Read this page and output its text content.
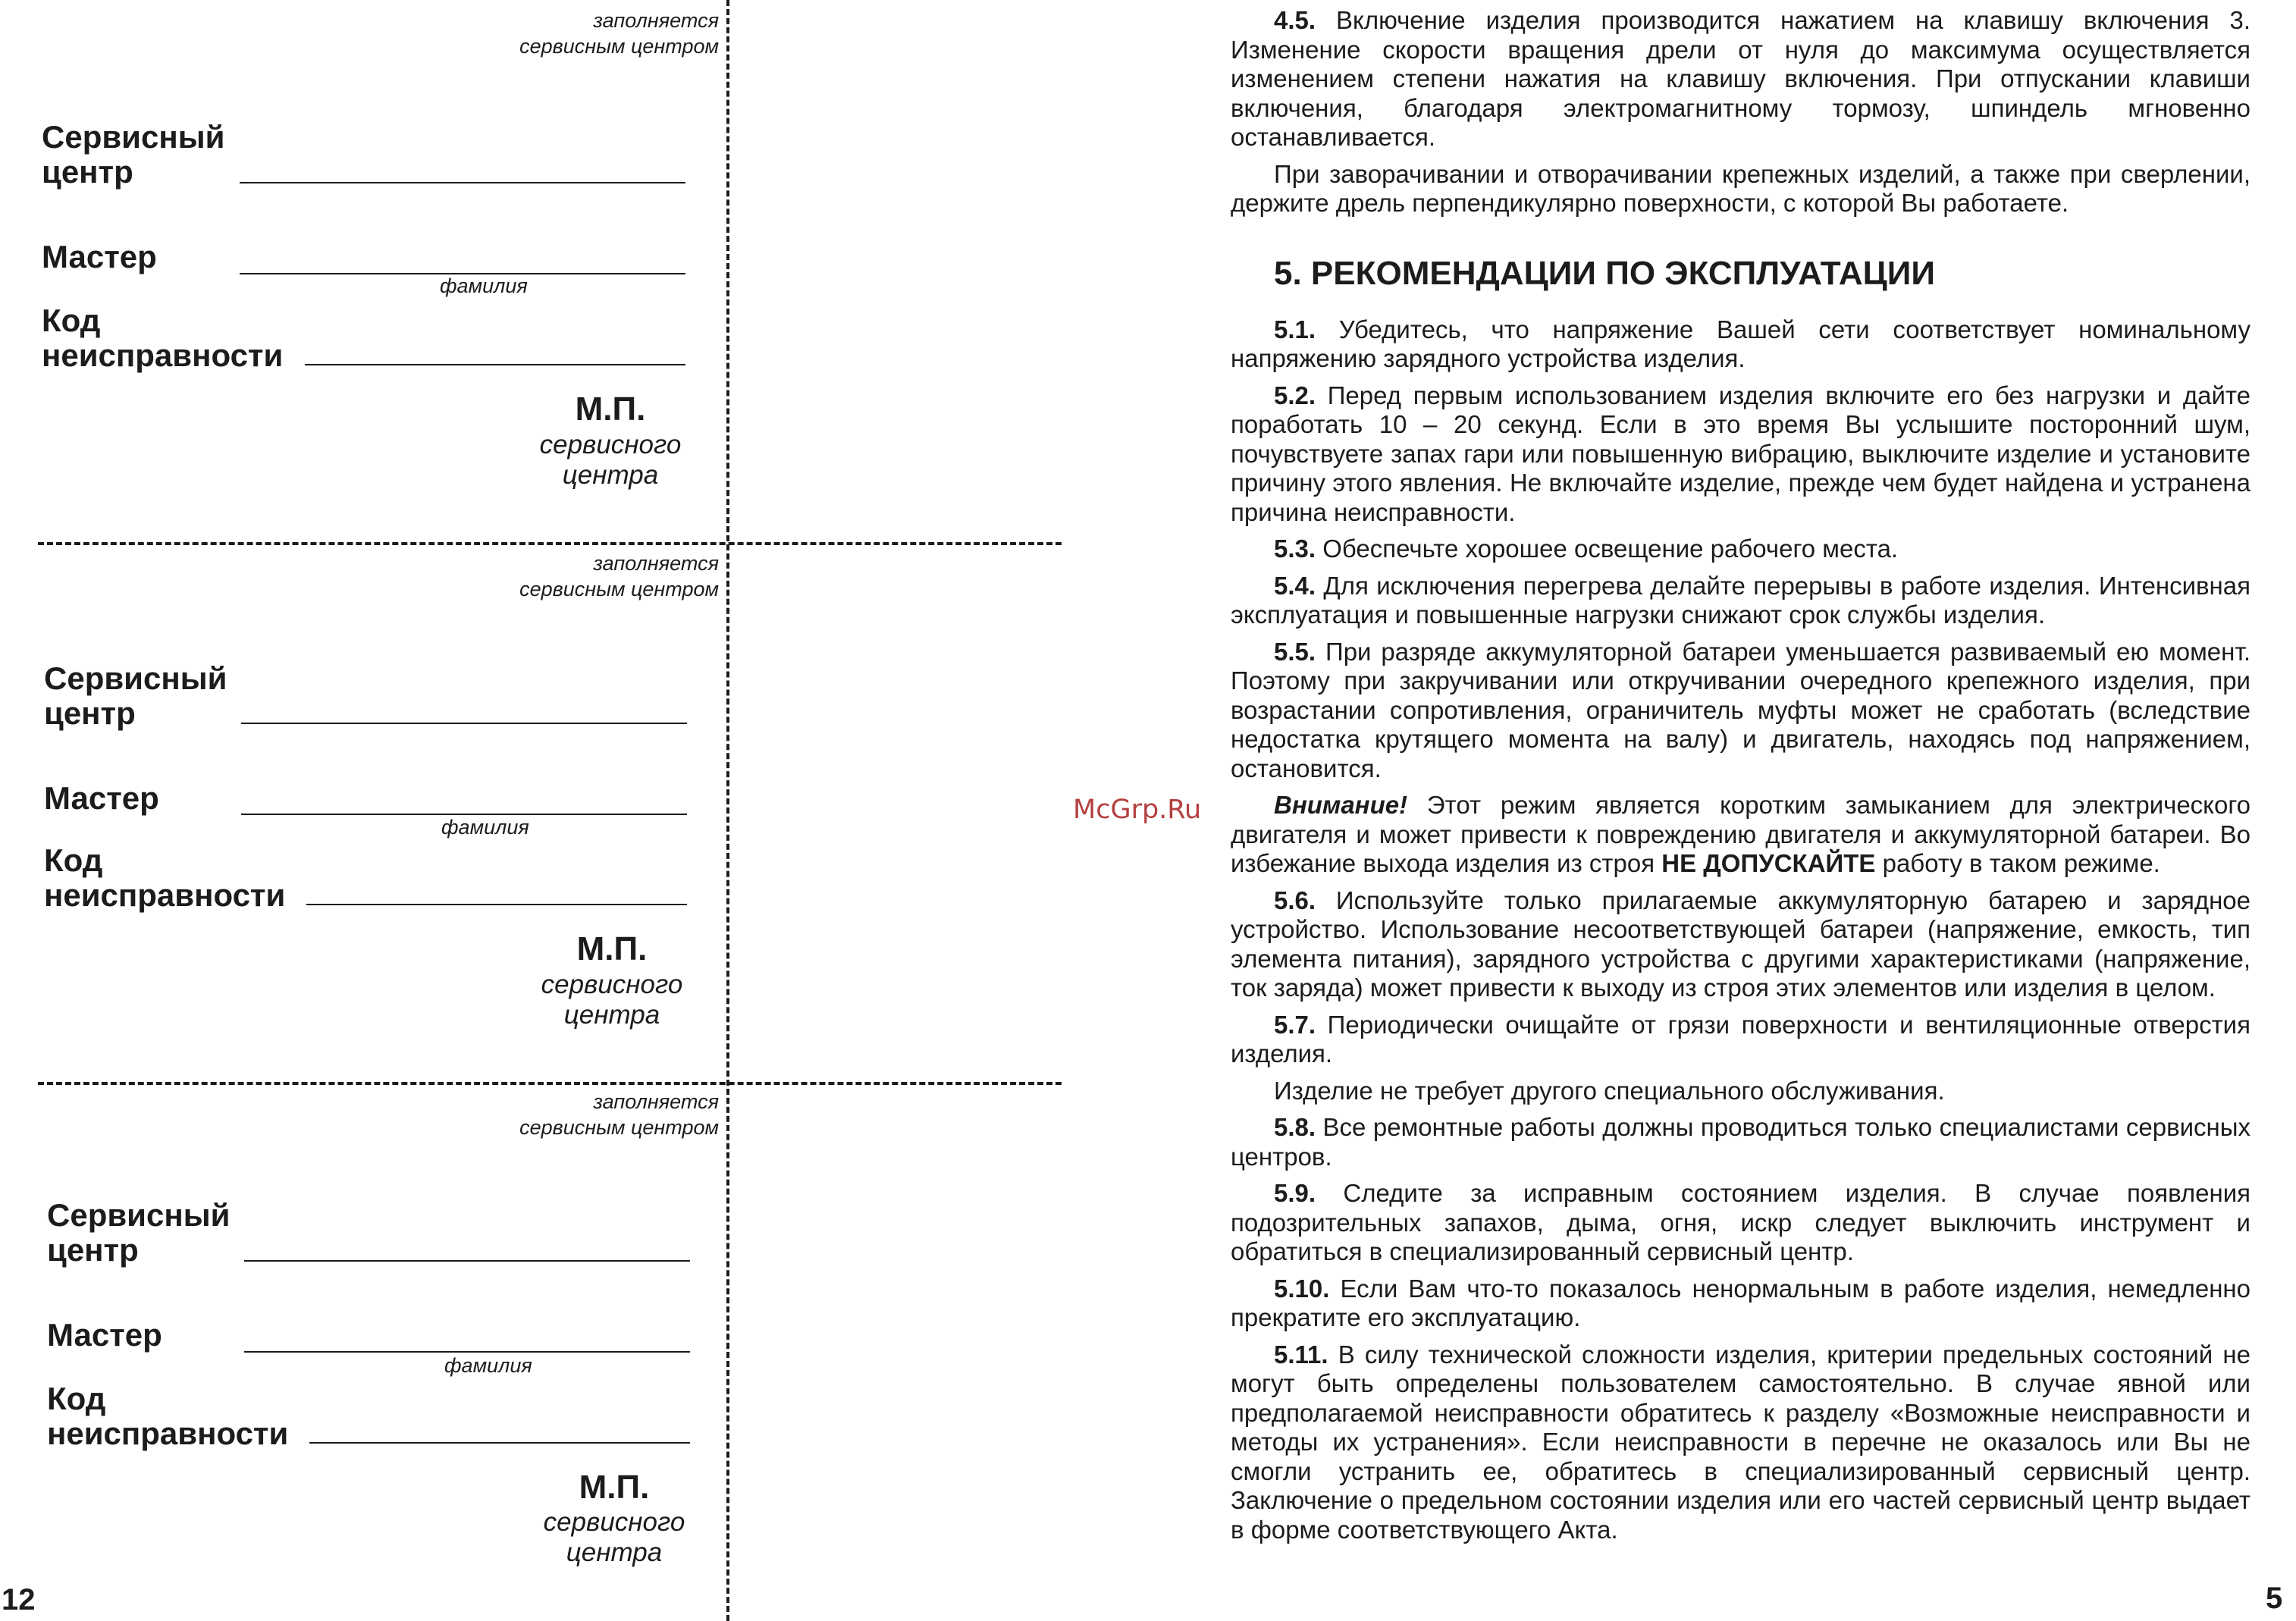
заполняется
сервисным центром
Сервисный
центр
Мастер
фамилия
Код
неисправности
М.П.
сервисного
центра
заполняется
сервисным центром
Сервисный
центр
Мастер
фамилия
Код
неисправности
М.П.
сервисного
центра
заполняется
сервисным центром
Сервисный
центр
Мастер
фамилия
Код
неисправности
М.П.
сервисного
центра
12	5
McGrp.Ru

4.5. Включение изделия производится нажатием на клавишу включения 3. Изменение скорости вращения дрели от нуля до максимума осуществляется изменением степени нажатия на клавишу включения. При отпускании клавиши включения, благодаря электромагнитному тормозу, шпиндель мгновенно останавливается.

При заворачивании и отворачивании крепежных изделий, а также при сверлении, держите дрель перпендикулярно поверхности, с которой Вы работаете.

5. РЕКОМЕНДАЦИИ ПО ЭКСПЛУАТАЦИИ

5.1. Убедитесь, что напряжение Вашей сети соответствует номинальному напряжению зарядного устройства изделия.

5.2. Перед первым использованием изделия включите его без нагрузки и дайте поработать 10 – 20 секунд. Если в это время Вы услышите посторонний шум, почувствуете запах гари или повышенную вибрацию, выключите изделие и установите причину этого явления. Не включайте изделие, прежде чем будет найдена и устранена причина неисправности.

5.3. Обеспечьте хорошее освещение рабочего места.

5.4. Для исключения перегрева делайте перерывы в работе изделия. Интенсивная эксплуатация и повышенные нагрузки снижают срок службы изделия.

5.5. При разряде аккумуляторной батареи уменьшается развиваемый ею момент. Поэтому при закручивании или откручивании очередного крепежного изделия, при возрастании сопротивления, ограничитель муфты может не сработать (вследствие недостатка крутящего момента на валу) и двигатель, находясь под напряжением, остановится.

Внимание! Этот режим является коротким замыканием для электрического двигателя и может привести к повреждению двигателя и аккумуляторной батареи. Во избежание выхода изделия из строя НЕ ДОПУСКАЙТЕ работу в таком режиме.

5.6. Используйте только прилагаемые аккумуляторную батарею и зарядное устройство. Использование несоответствующей батареи (напряжение, емкость, тип элемента питания), зарядного устройства с другими характеристиками (напряжение, ток заряда) может привести к выходу из строя этих элементов или изделия в целом.

5.7. Периодически очищайте от грязи поверхности и вентиляционные отверстия изделия.

Изделие не требует другого специального обслуживания.

5.8. Все ремонтные работы должны проводиться только специалистами сервисных центров.

5.9. Следите за исправным состоянием изделия. В случае появления подозрительных запахов, дыма, огня, искр следует выключить инструмент и обратиться в специализированный сервисный центр.

5.10. Если Вам что-то показалось ненормальным в работе изделия, немедленно прекратите его эксплуатацию.

5.11. В силу технической сложности изделия, критерии предельных состояний не могут быть определены пользователем самостоятельно. В случае явной или предполагаемой неисправности обратитесь к разделу «Возможные неисправности и методы их устранения». Если неисправности в перечне не оказалось или Вы не смогли устранить ее, обратитесь в специализированный сервисный центр. Заключение о предельном состоянии изделия или его частей сервисный центр выдает в форме соответствующего Акта.
